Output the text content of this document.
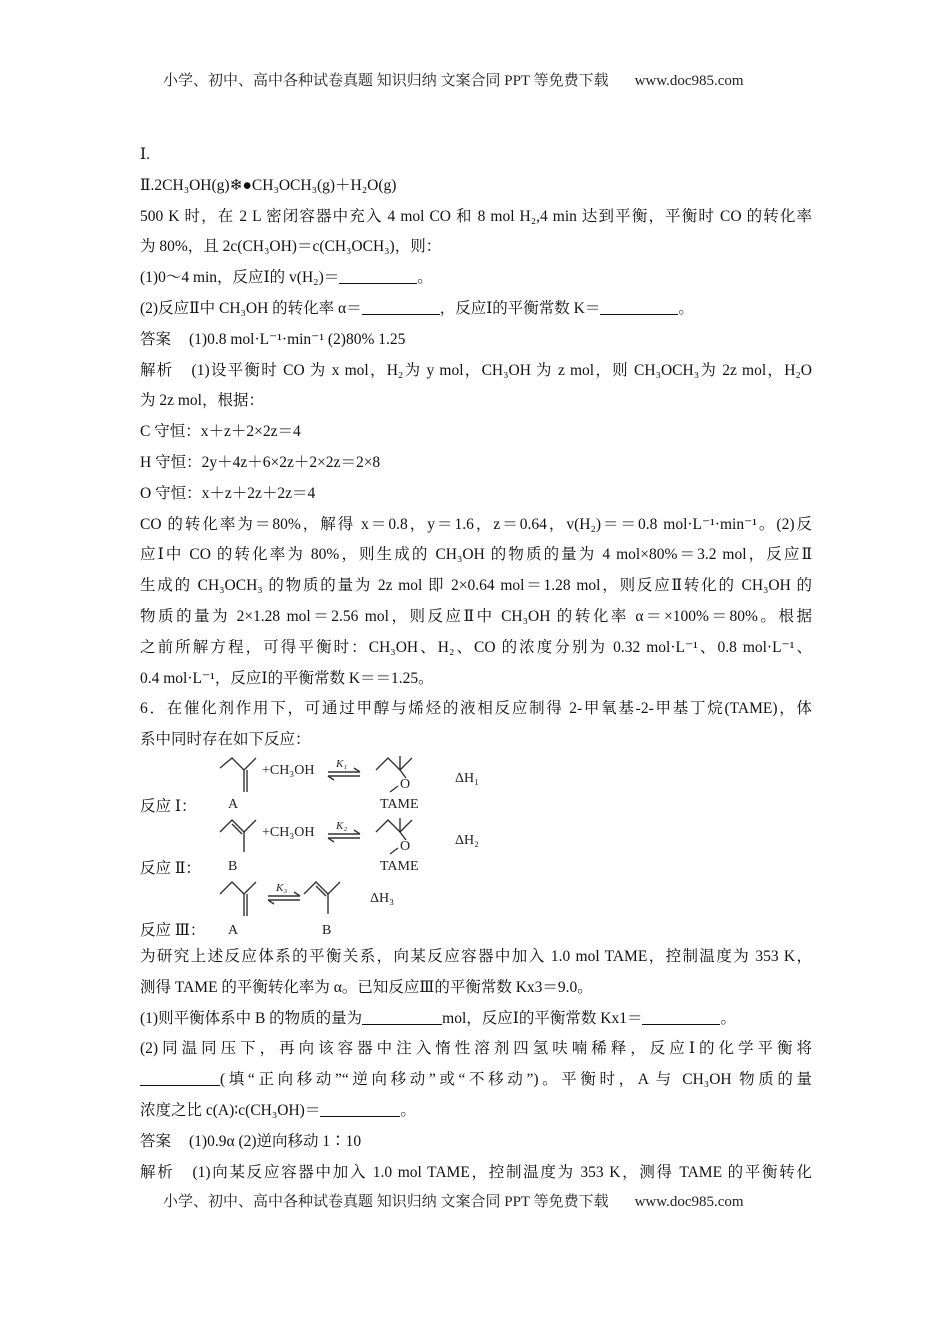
小学、初中、高中各种试卷真题 知识归纳 文案合同 PPT 等免费下载 www.doc985.com
Ⅰ.
Ⅱ.2CH₃OH(g)❄●CH₃OCH₃(g)＋H₂O(g)
500 K 时，在 2 L 密闭容器中充入 4 mol CO 和 8 mol H₂,4 min 达到平衡，平衡时 CO 的转化率
为 80%，且 2c(CH₃OH)＝c(CH₃OCH₃)，则：
(1)0～4 min，反应Ⅰ的 v(H₂)＝	。
(2)反应Ⅱ中 CH₃OH 的转化率 α＝	，反应Ⅰ的平衡常数 K＝	。
答案 (1)0.8 mol·L⁻¹·min⁻¹ (2)80% 1.25
解析 (1)设平衡时 CO 为 x mol，H₂为 y mol，CH₃OH 为 z mol，则 CH₃OCH₃为 2z mol，H₂O
为 2z mol，根据：
C 守恒：x＋z＋2×2z＝4
H 守恒：2y＋4z＋6×2z＋2×2z＝2×8
O 守恒：x＋z＋2z＋2z＝4
CO 的转化率为＝80%，解得 x＝0.8，y＝1.6，z＝0.64，v(H₂)＝＝0.8 mol·L⁻¹·min⁻¹。(2)反
应Ⅰ中 CO 的转化率为 80%，则生成的 CH₃OH 的物质的量为 4 mol×80%＝3.2 mol，反应Ⅱ
生成的 CH₃OCH₃ 的物质的量为 2z mol 即 2×0.64 mol＝1.28 mol，则反应Ⅱ转化的 CH₃OH 的
物质的量为 2×1.28 mol＝2.56 mol，则反应Ⅱ中 CH₃OH 的转化率 α＝×100%＝80%。根据
之前所解方程，可得平衡时：CH₃OH、H₂、CO 的浓度分别为 0.32 mol·L⁻¹、0.8 mol·L⁻¹、
0.4 mol·L⁻¹，反应Ⅰ的平衡常数 K＝＝1.25。
6．在催化剂作用下，可通过甲醇与烯烃的液相反应制得 2-甲氧基-2-甲基丁烷(TAME)，体
系中同时存在如下反应：
反应 Ⅰ：
+CH₃OH K₁
O
A	TAME
ΔH₁
反应 Ⅱ：
+CH₃OH K₂
O
B	TAME
ΔH₂
反应 Ⅲ：
K₃
A	B
ΔH₃
为研究上述反应体系的平衡关系，向某反应容器中加入 1.0 mol TAME，控制温度为 353 K，
测得 TAME 的平衡转化率为 α。已知反应Ⅲ的平衡常数 Kx3＝9.0。
(1)则平衡体系中 B 的物质的量为	mol，反应Ⅰ的平衡常数 Kx1＝	。
(2)同温同压下，再向该容器中注入惰性溶剂四氢呋喃稀释，反应Ⅰ的化学平衡将
(填“正向移动”“逆向移动”或“不移动”)。平衡时，A 与 CH₃OH 物质的量
浓度之比 c(A)∶c(CH₃OH)＝	。
答案 (1)0.9α (2)逆向移动 1∶10
解析 (1)向某反应容器中加入 1.0 mol TAME，控制温度为 353 K，测得 TAME 的平衡转化
小学、初中、高中各种试卷真题 知识归纳 文案合同 PPT 等免费下载 www.doc985.com
